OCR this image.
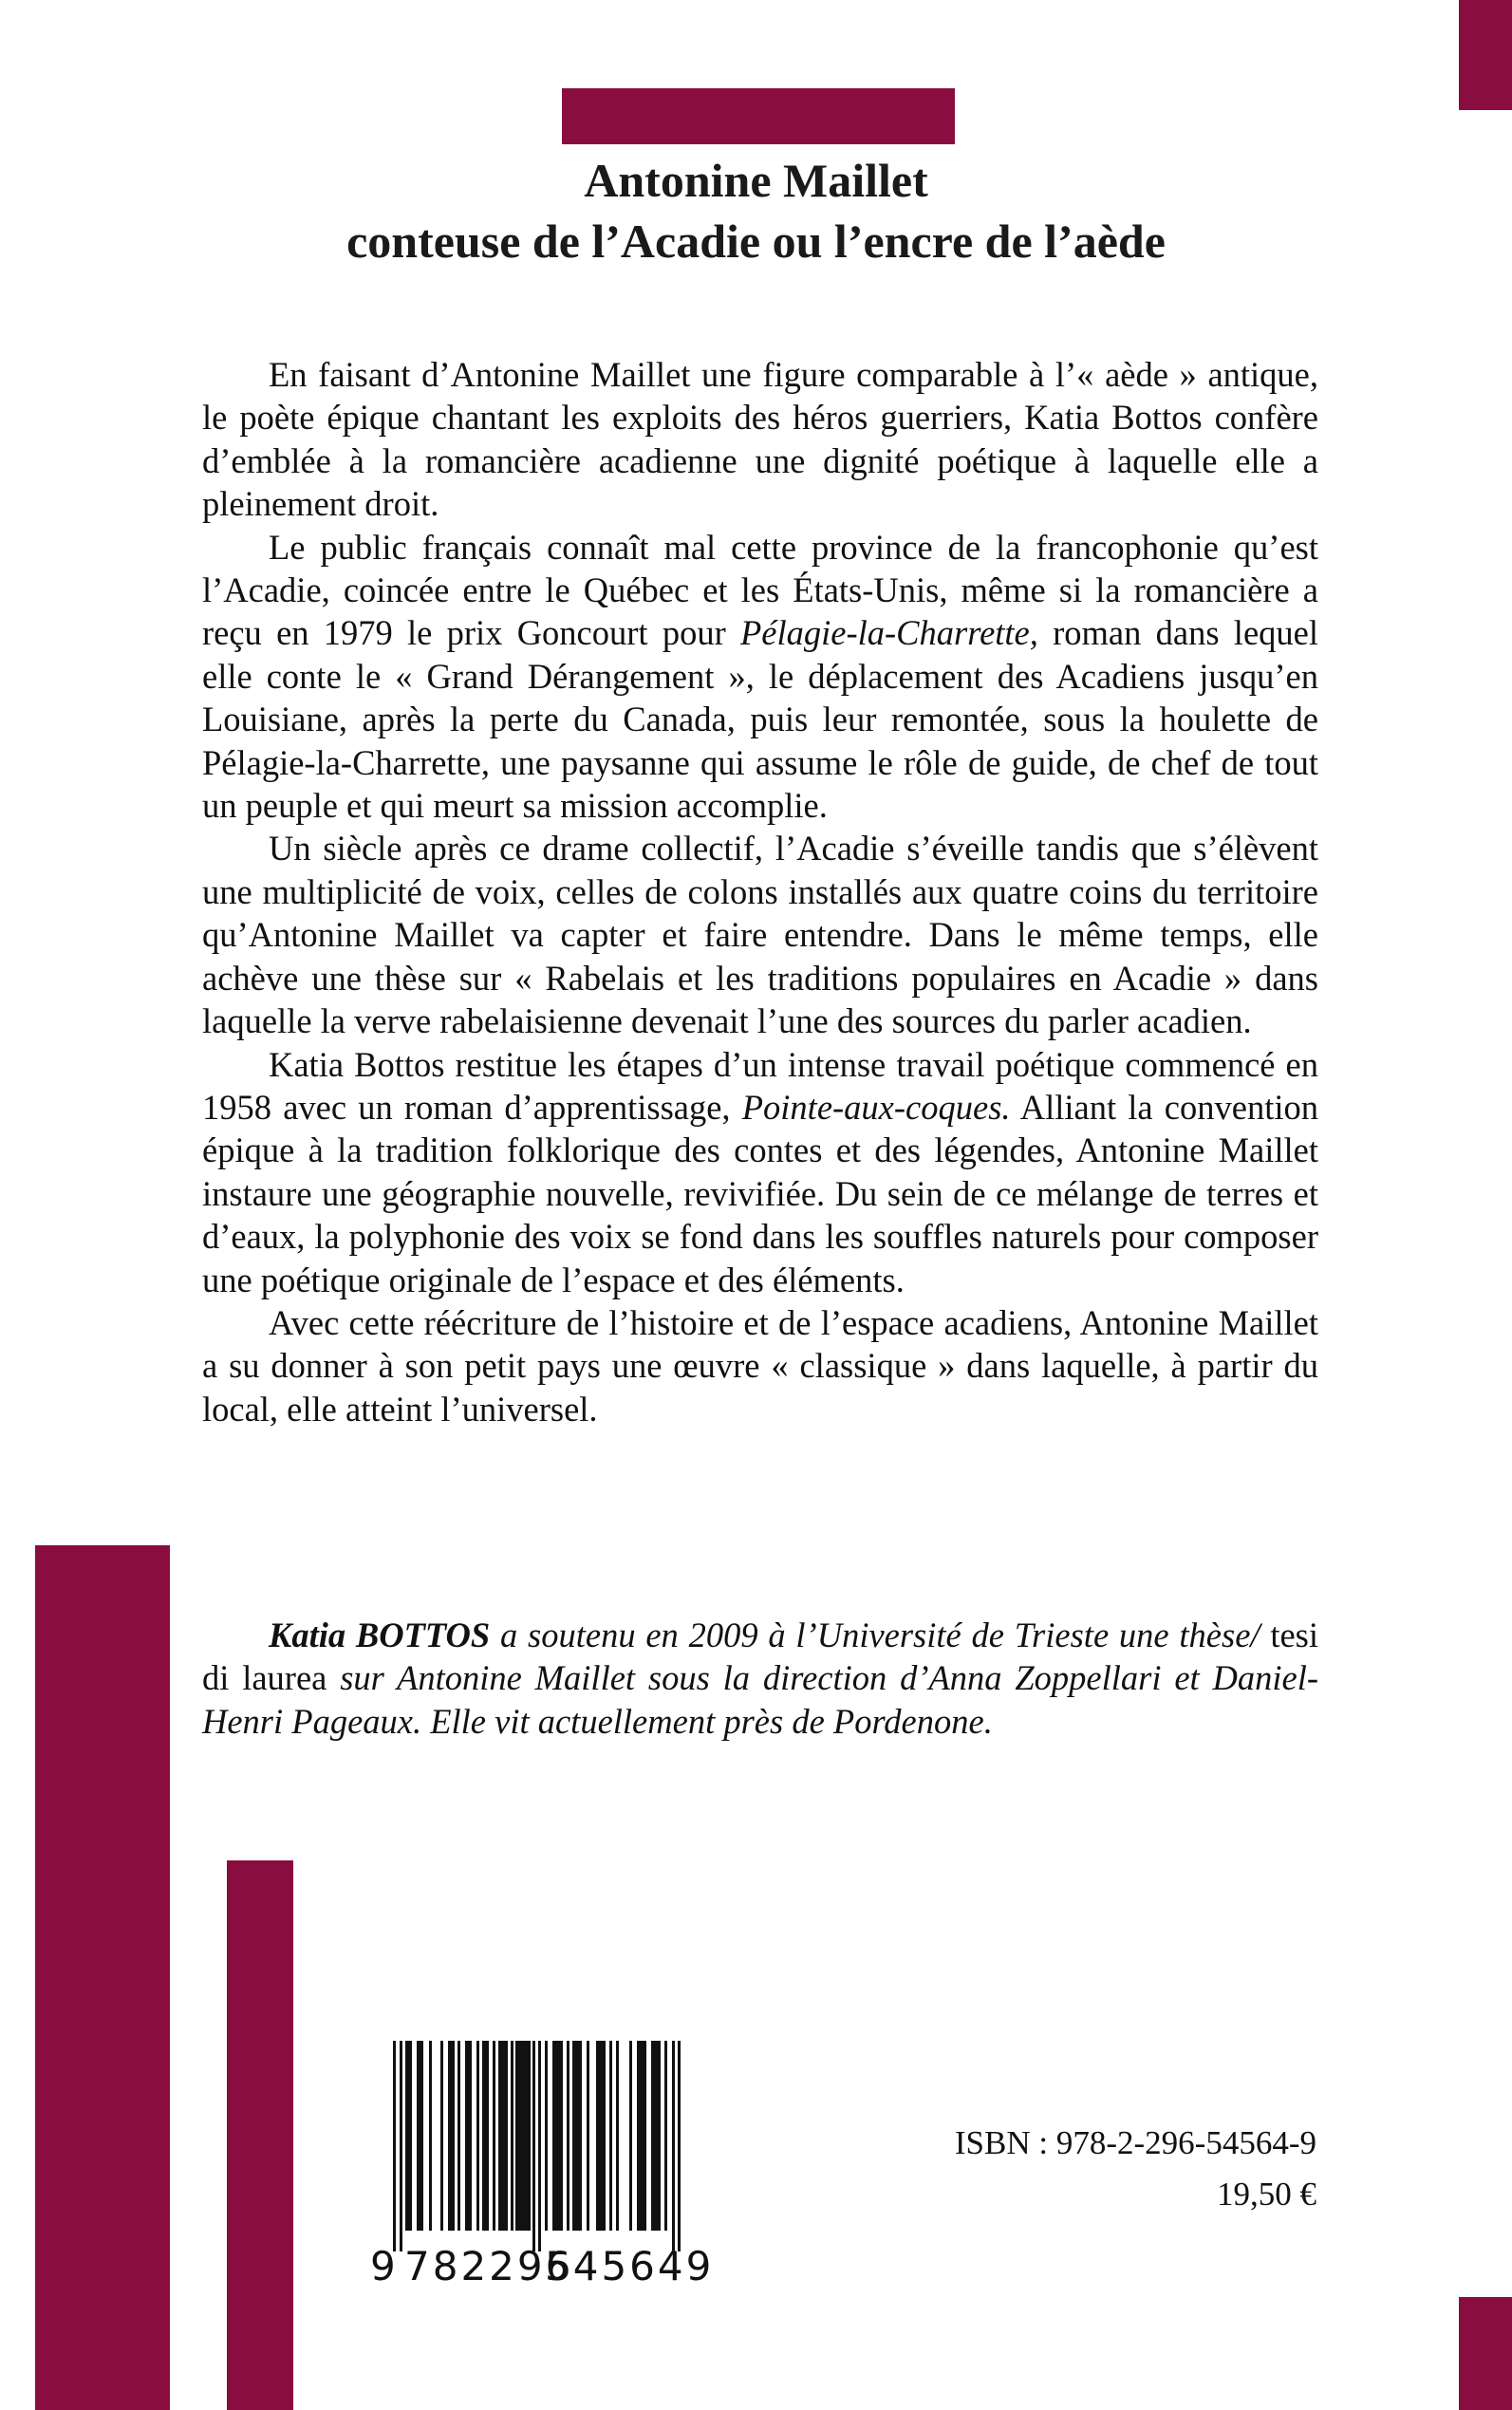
Antonine Maillet
conteuse de l’Acadie ou l’encre de l’aède

En faisant d’Antonine Maillet une figure comparable à l’« aède » antique, le poète épique chantant les exploits des héros guerriers, Katia Bottos confère d’emblée à la romancière acadienne une dignité poétique à laquelle elle a pleinement droit.

Le public français connaît mal cette province de la francophonie qu’est l’Acadie, coincée entre le Québec et les États-Unis, même si la romancière a reçu en 1979 le prix Goncourt pour Pélagie-la-Charrette, roman dans lequel elle conte le « Grand Dérangement », le déplacement des Acadiens jusqu’en Louisiane, après la perte du Canada, puis leur remontée, sous la houlette de Pélagie-la-Charrette, une paysanne qui assume le rôle de guide, de chef de tout un peuple et qui meurt sa mission accomplie.

Un siècle après ce drame collectif, l’Acadie s’éveille tandis que s’élèvent une multiplicité de voix, celles de colons installés aux quatre coins du territoire qu’Antonine Maillet va capter et faire entendre. Dans le même temps, elle achève une thèse sur « Rabelais et les traditions populaires en Acadie » dans laquelle la verve rabelaisienne devenait l’une des sources du parler acadien.

Katia Bottos restitue les étapes d’un intense travail poétique commencé en 1958 avec un roman d’apprentissage, Pointe-aux-coques. Alliant la convention épique à la tradition folklorique des contes et des légendes, Antonine Maillet instaure une géographie nouvelle, revivifiée. Du sein de ce mélange de terres et d’eaux, la polyphonie des voix se fond dans les souffles naturels pour composer une poétique originale de l’espace et des éléments.

Avec cette réécriture de l’histoire et de l’espace acadiens, Antonine Maillet a su donner à son petit pays une œuvre « classique » dans laquelle, à partir du local, elle atteint l’universel.

Katia BOTTOS a soutenu en 2009 à l’Université de Trieste une thèse/ tesi di laurea sur Antonine Maillet sous la direction d’Anna Zoppellari et Daniel-Henri Pageaux. Elle vit actuellement près de Pordenone.

9 782296
545649
ISBN : 978-2-296-54564-9
19,50 €
